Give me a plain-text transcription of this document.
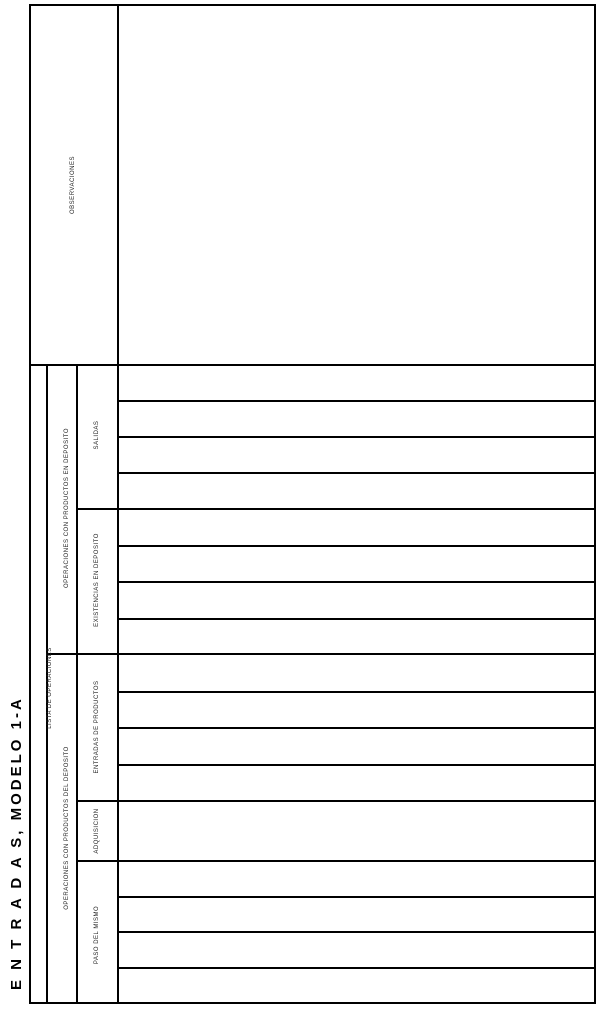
E N T R A D A S, MODELO 1-A
OBSERVACIONES
LISTA DE OPERACIONES
OPERACIONES CON PRODUCTOS EN DEPOSITO
OPERACIONES CON PRODUCTOS DEL DEPOSITO
SALIDAS
EXISTENCIAS EN DEPOSITO
ENTRADAS DE PRODUCTOS
ADQUISICION
PASO DEL MISMO
